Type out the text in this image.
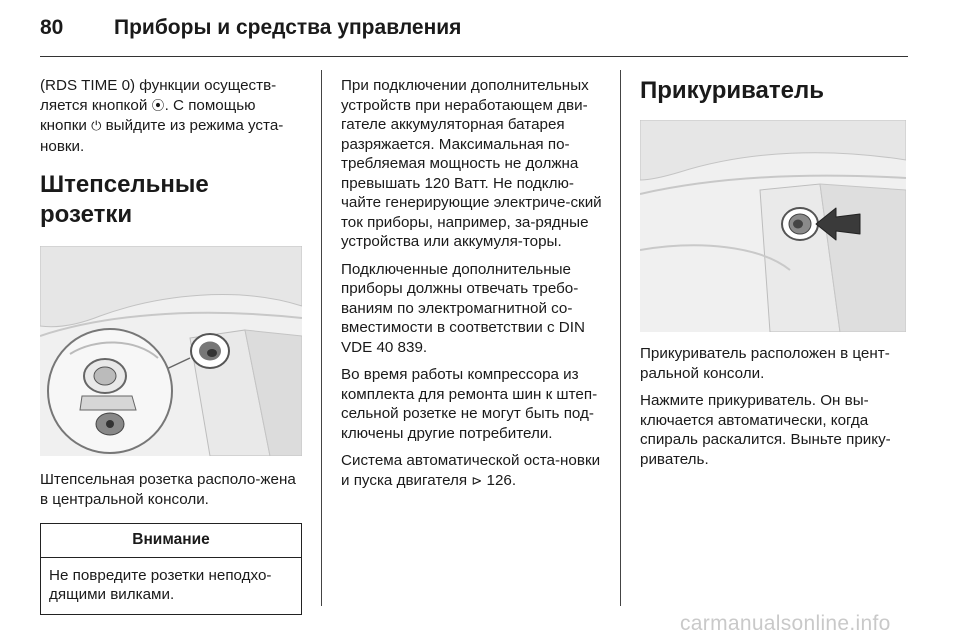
80 Приборы и средства управления

(RDS TIME 0) функции осуществ-ляется кнопкой ⦿. С помощью кнопки ⏻ выйдите из режима уста-новки.

Штепсельные розетки

Штепсельная розетка располо-жена в центральной консоли.

Внимание
Не повредите розетки неподхо-дящими вилками.

При подключении дополнительных устройств при неработающем дви-гателе аккумуляторная батарея разряжается. Максимальная по-требляемая мощность не должна превышать 120 Ватт. Не подклю-чайте генерирующие электриче-ский ток приборы, например, за-рядные устройства или аккумуля-торы.

Подключенные дополнительные приборы должны отвечать требо-ваниям по электромагнитной со-вместимости в соответствии с DIN VDE 40 839.

Во время работы компрессора из комплекта для ремонта шин к штеп-сельной розетке не могут быть под-ключены другие потребители.

Система автоматической оста-новки и пуска двигателя ⊳ 126.

Прикуриватель

Прикуриватель расположен в цент-ральной консоли.

Нажмите прикуриватель. Он вы-ключается автоматически, когда спираль раскалится. Выньте прику-риватель.

carmanualsonline.info
